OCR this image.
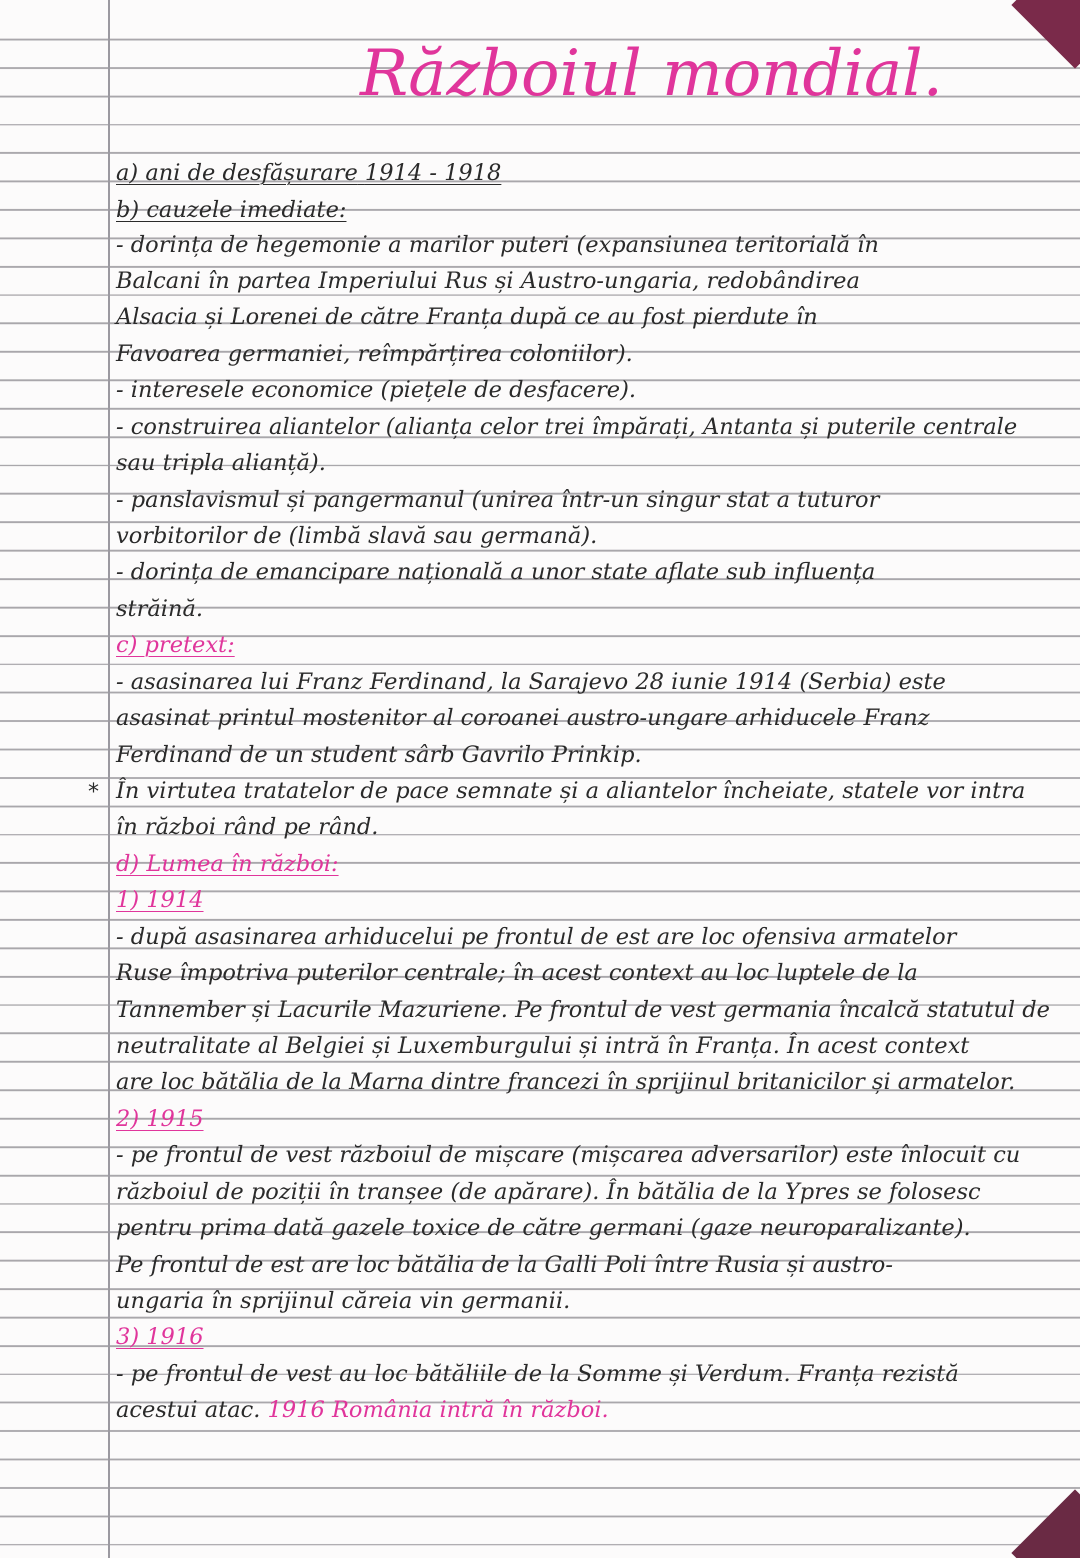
Războiul mondial.
a) ani de desfășurare 1914 - 1918
b) cauzele imediate:
- dorința de hegemonie a marilor puteri (expansiunea teritorială în
Balcani în partea Imperiului Rus și Austro-ungaria, redobândirea
Alsacia și Lorenei de către Franța după ce au fost pierdute în
Favoarea germaniei, reîmpărțirea coloniilor).
- interesele economice (piețele de desfacere).
- construirea aliantelor (alianța celor trei împărați, Antanta și puterile centrale
sau tripla alianță).
- panslavismul și pangermanul (unirea într-un singur stat a tuturor
vorbitorilor de (limbă slavă sau germană).
- dorința de emancipare națională a unor state aflate sub influența
străină.
c) pretext:
- asasinarea lui Franz Ferdinand, la Sarajevo 28 iunie 1914 (Serbia) este
asasinat printul mostenitor al coroanei austro-ungare arhiducele Franz
Ferdinand de un student sârb Gavrilo Prinkip.
* În virtutea tratatelor de pace semnate și a aliantelor încheiate, statele vor intra
în război rând pe rând.
d) Lumea în război:
1) 1914
- după asasinarea arhiducelui pe frontul de est are loc ofensiva armatelor
Ruse împotriva puterilor centrale; în acest context au loc luptele de la
Tannember și Lacurile Mazuriene. Pe frontul de vest germania încalcă statutul de
neutralitate al Belgiei și Luxemburgului și intră în Franța. În acest context
are loc bătălia de la Marna dintre francezi în sprijinul britanicilor și armatelor.
2) 1915
- pe frontul de vest războiul de mișcare (mișcarea adversarilor) este înlocuit cu
războiul de poziții în tranșee (de apărare). În bătălia de la Ypres se folosesc
pentru prima dată gazele toxice de către germani (gaze neuroparalizante).
Pe frontul de est are loc bătălia de la Galli Poli între Rusia și austro-
ungaria în sprijinul căreia vin germanii.
3) 1916
- pe frontul de vest au loc bătăliile de la Somme și Verdum. Franța rezistă
acestui atac. 1916 România intră în război.
